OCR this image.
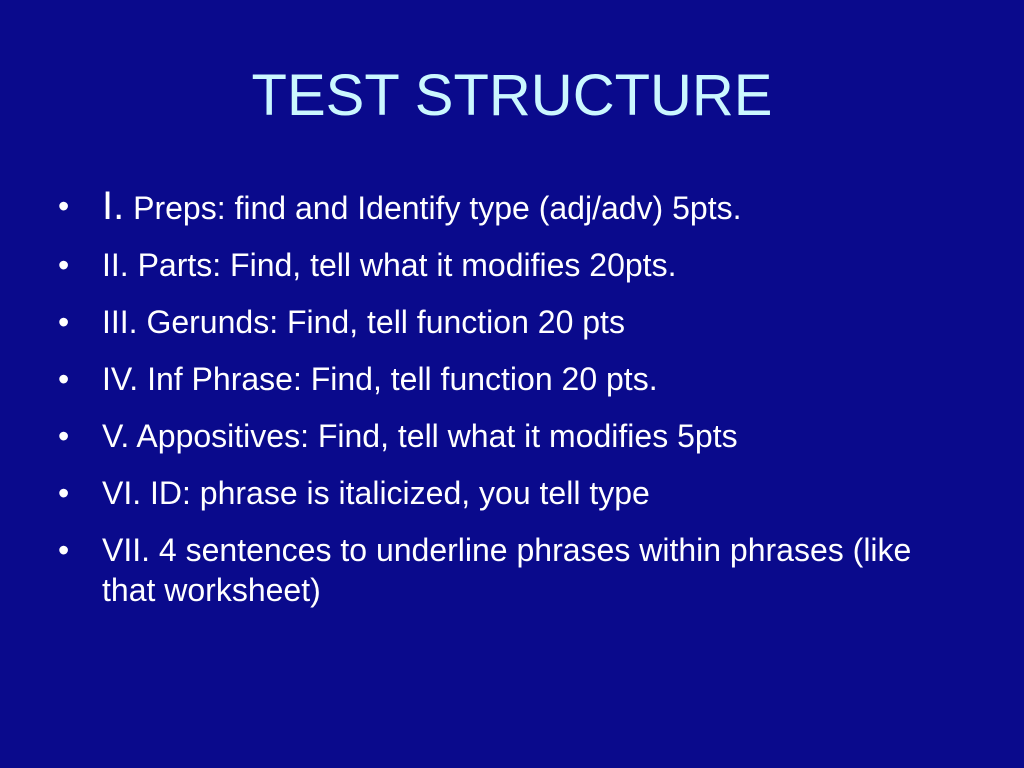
TEST STRUCTURE
• I. Preps: find and Identify type (adj/adv) 5pts.
•	II. Parts: Find, tell what it modifies 20pts.
•	III. Gerunds: Find, tell function 20 pts
•	IV. Inf Phrase: Find, tell function 20 pts.
•	V. Appositives: Find, tell what it modifies 5pts
•	VI. ID: phrase is italicized, you tell type
•	VII. 4 sentences to underline phrases within phrases (like that worksheet)
